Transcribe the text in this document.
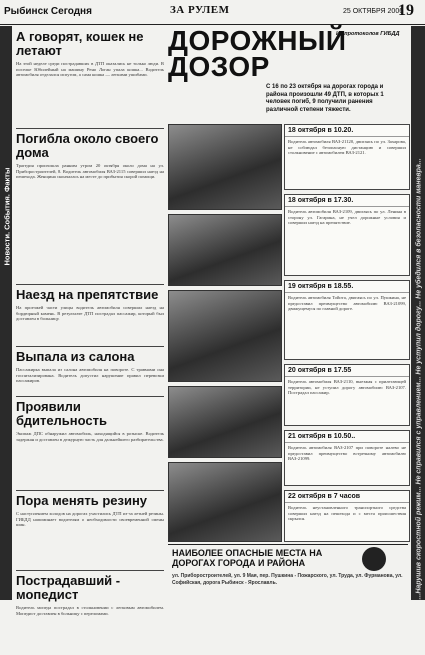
Рыбинск Сегодня	ЗА РУЛЕМ	25 ОКТЯБРЯ 2006
19
Новости. События. Факты	...Нарушив скоростной режим... Не справился с управлением... Не уступил дорогу... Не убедился в безопасности маневра...
А говорят, кошек не летают
На этой неделе среди пострадавших в ДТП оказались не только люди. В поселке Юбилейный на машину Рено Логан упала кошка... Водитель автомобиля отделался испугом, а сама кошка — легкими ушибами.
Погибла около своего дома
Трагедия произошла ранним утром 20 октября около дома на ул. Приборостроителей, 8. Водитель автомобиля ВАЗ-2115 совершил наезд на пешехода. Женщина скончалась на месте до прибытия скорой помощи.
Наезд на препятствие
На проезжей части улицы водитель автомобиля совершил наезд на бордюрный камень. В результате ДТП пострадал пассажир, который был доставлен в больницу.
Выпала из салона
Пассажирка выпала из салона автомобиля на повороте. С травмами она госпитализирована. Водитель допустил нарушение правил перевозки пассажиров.
Проявили бдительность
Экипаж ДПС обнаружил автомобиль, находящийся в розыске. Водитель задержан и доставлен в дежурную часть для дальнейшего разбирательства.
Пора менять резину
С наступлением холодов на дорогах участились ДТП из-за летней резины. ГИБДД напоминает водителям о необходимости своевременной смены шин.
Пострадавший - мопедист
Водитель мопеда пострадал в столкновении с легковым автомобилем. Мопедист доставлен в больницу с переломами.
ДОРОЖНЫЙ ДОЗОР
Из протоколов ГИБДД
С 16 по 23 октября на дорогах города и района произошли 49 ДТП, в которых 1 человек погиб, 9 получили ранения различной степени тяжести.
18 октября в 10.20.
Водитель автомобиля ВАЗ-21120, двигаясь по ул. Захарова, не соблюдал безопасную дистанцию и совершил столкновение с автомобилем ВАЗ-2121.
18 октября в 17.30.
Водитель автомобиля ВАЗ-2109, двигаясь по ул. Ленина в сторону ул. Гагарина, не учел дорожные условия и совершил наезд на препятствие.
19 октября в 18.55.
Водитель автомобиля Тойота, двигаясь по ул. Пушкина, не предоставил преимущество автомобилю ВАЗ-21099, движущемуся по главной дороге.
20 октября в 17.55
Водитель автомобиля ВАЗ-2110, выезжая с прилегающей территории, не уступил дорогу автомобилю ВАЗ-2107. Пострадал пассажир.
21 октября в 10.50..
Водитель автомобиля ВАЗ-2107 при повороте налево не предоставил преимущество встречному автомобилю ВАЗ-21099.
22 октября в 7 часов
Водитель неустановленного транспортного средства совершил наезд на пешехода и с места происшествия скрылся.
НАИБОЛЕЕ ОПАСНЫЕ МЕСТА НА ДОРОГАХ ГОРОДА И РАЙОНА
ул. Приборостроителей, ул. 9 Мая, пер. Пушкина - Пожарского, ул. Труда, ул. Фурманова, ул. Софийская, дорога Рыбинск - Ярославль.
